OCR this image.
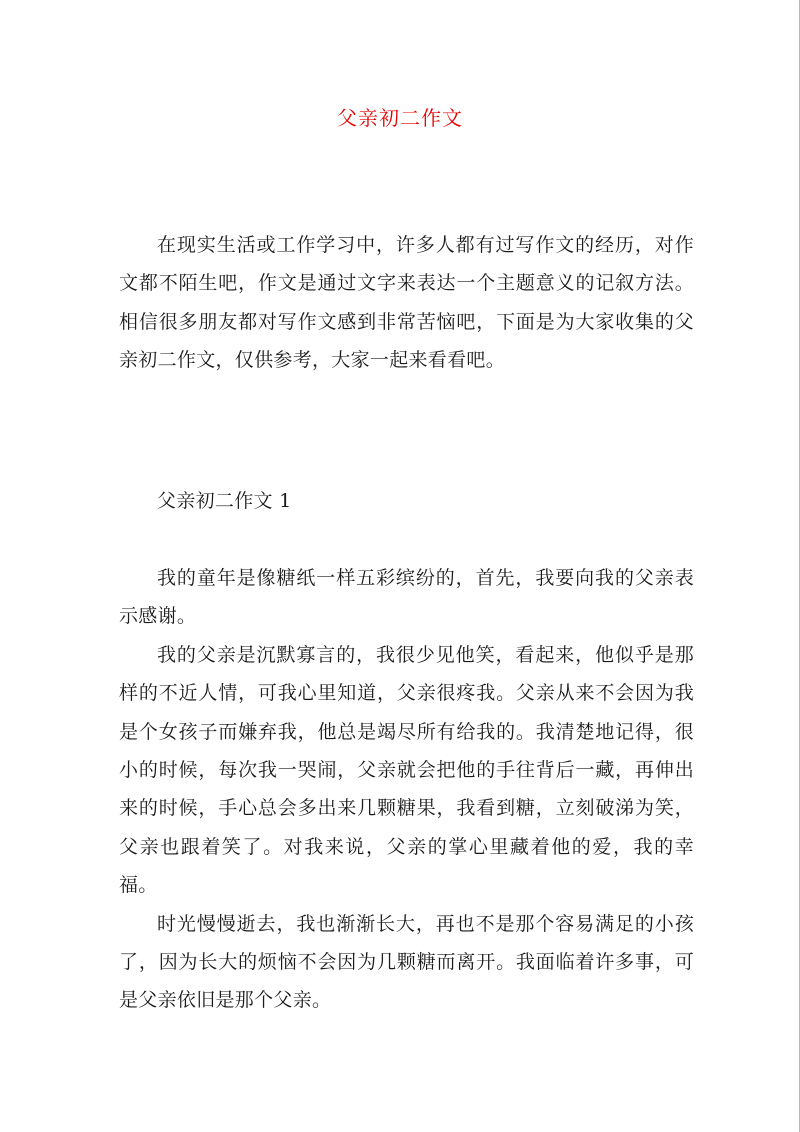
父亲初二作文

在现实生活或工作学习中，许多人都有过写作文的经历，对作文都不陌生吧，作文是通过文字来表达一个主题意义的记叙方法。相信很多朋友都对写作文感到非常苦恼吧，下面是为大家收集的父亲初二作文，仅供参考，大家一起来看看吧。

父亲初二作文 1

我的童年是像糖纸一样五彩缤纷的，首先，我要向我的父亲表示感谢。

我的父亲是沉默寡言的，我很少见他笑，看起来，他似乎是那样的不近人情，可我心里知道，父亲很疼我。父亲从来不会因为我是个女孩子而嫌弃我，他总是竭尽所有给我的。我清楚地记得，很小的时候，每次我一哭闹，父亲就会把他的手往背后一藏，再伸出来的时候，手心总会多出来几颗糖果，我看到糖，立刻破涕为笑，父亲也跟着笑了。对我来说，父亲的掌心里藏着他的爱，我的幸福。

时光慢慢逝去，我也渐渐长大，再也不是那个容易满足的小孩了，因为长大的烦恼不会因为几颗糖而离开。我面临着许多事，可是父亲依旧是那个父亲。
